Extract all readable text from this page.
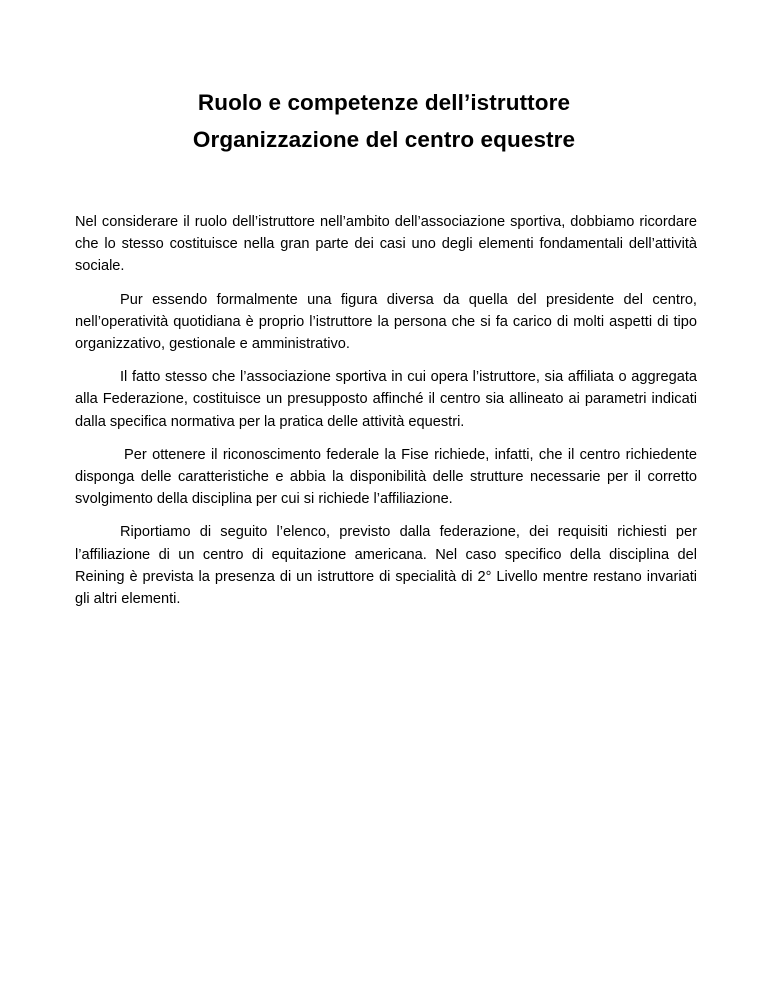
Ruolo e competenze dell’istruttore
Organizzazione del centro equestre

Nel considerare il ruolo dell’istruttore nell’ambito dell’associazione sportiva, dobbiamo ricordare che lo stesso costituisce nella gran parte dei casi uno degli elementi fondamentali dell’attività sociale.

Pur essendo formalmente una figura diversa da quella del presidente del centro, nell’operatività quotidiana è proprio l’istruttore la persona che si fa carico di molti aspetti di tipo organizzativo, gestionale e amministrativo.

Il fatto stesso che l’associazione sportiva in cui opera l’istruttore, sia affiliata o aggregata alla Federazione, costituisce un presupposto affinché il centro sia allineato ai parametri indicati dalla specifica normativa per la pratica delle attività equestri.

Per ottenere il riconoscimento federale la Fise richiede, infatti, che il centro richiedente disponga delle caratteristiche e abbia la disponibilità delle strutture necessarie per il corretto svolgimento della disciplina per cui si richiede l’affiliazione.

Riportiamo di seguito l’elenco, previsto dalla federazione, dei requisiti richiesti per l’affiliazione di un centro di equitazione americana. Nel caso specifico della disciplina del Reining è prevista la presenza di un istruttore di specialità di 2° Livello mentre restano invariati gli altri elementi.
